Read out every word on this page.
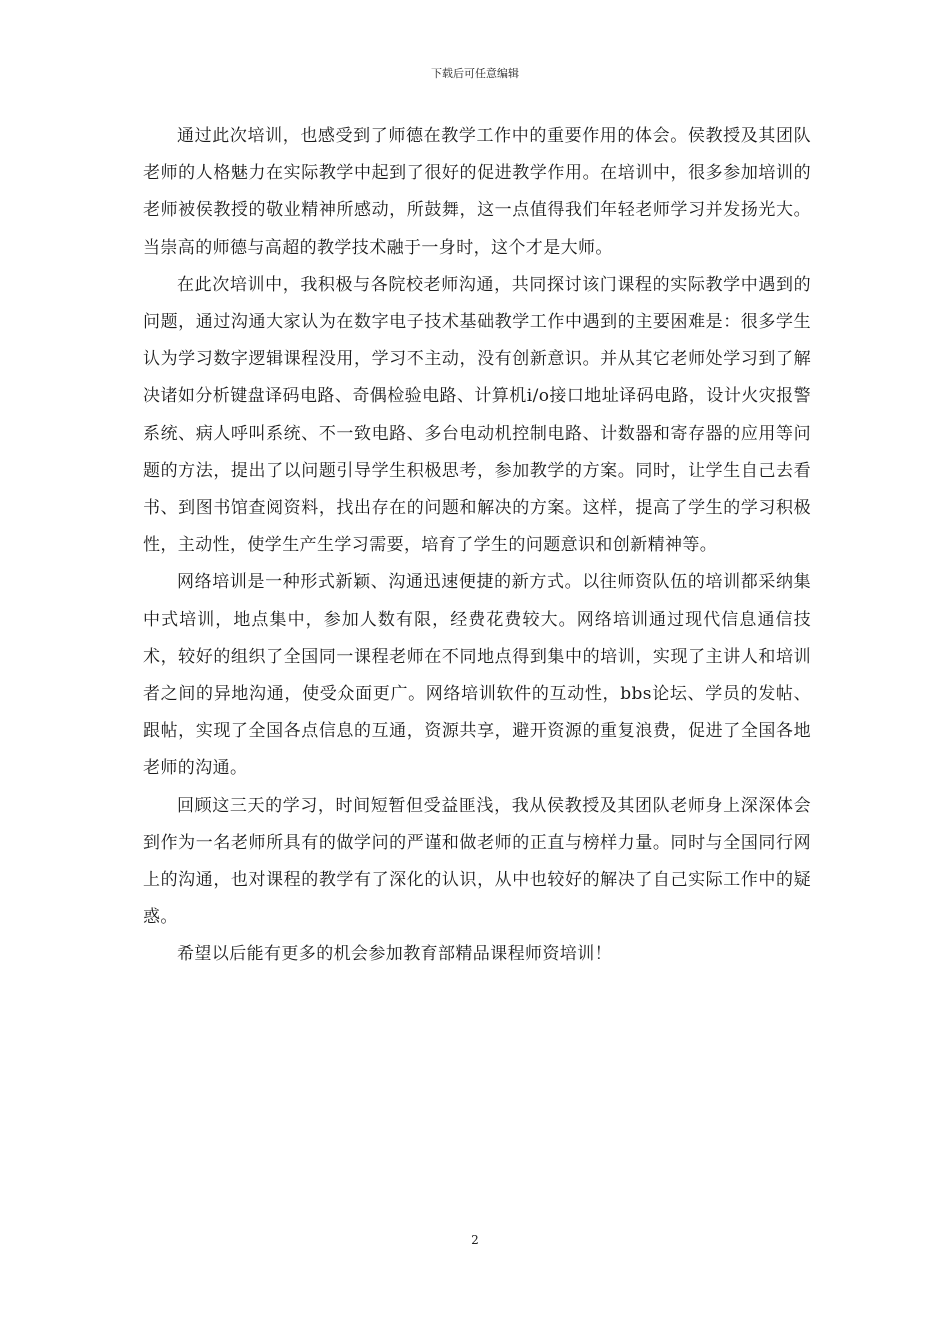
下载后可任意编辑

通过此次培训，也感受到了师德在教学工作中的重要作用的体会。侯教授及其团队老师的人格魅力在实际教学中起到了很好的促进教学作用。在培训中，很多参加培训的老师被侯教授的敬业精神所感动，所鼓舞，这一点值得我们年轻老师学习并发扬光大。当崇高的师德与高超的教学技术融于一身时，这个才是大师。

在此次培训中，我积极与各院校老师沟通，共同探讨该门课程的实际教学中遇到的问题，通过沟通大家认为在数字电子技术基础教学工作中遇到的主要困难是：很多学生认为学习数字逻辑课程没用，学习不主动，没有创新意识。并从其它老师处学习到了解决诸如分析键盘译码电路、奇偶检验电路、计算机i/o接口地址译码电路，设计火灾报警系统、病人呼叫系统、不一致电路、多台电动机控制电路、计数器和寄存器的应用等问题的方法，提出了以问题引导学生积极思考，参加教学的方案。同时，让学生自己去看书、到图书馆查阅资料，找出存在的问题和解决的方案。这样，提高了学生的学习积极性，主动性，使学生产生学习需要，培育了学生的问题意识和创新精神等。

网络培训是一种形式新颖、沟通迅速便捷的新方式。以往师资队伍的培训都采纳集中式培训，地点集中，参加人数有限，经费花费较大。网络培训通过现代信息通信技术，较好的组织了全国同一课程老师在不同地点得到集中的培训，实现了主讲人和培训者之间的异地沟通，使受众面更广。网络培训软件的互动性，bbs论坛、学员的发帖、跟帖，实现了全国各点信息的互通，资源共享，避开资源的重复浪费，促进了全国各地老师的沟通。

回顾这三天的学习，时间短暂但受益匪浅，我从侯教授及其团队老师身上深深体会到作为一名老师所具有的做学问的严谨和做老师的正直与榜样力量。同时与全国同行网上的沟通，也对课程的教学有了深化的认识，从中也较好的解决了自己实际工作中的疑惑。

希望以后能有更多的机会参加教育部精品课程师资培训！

2
